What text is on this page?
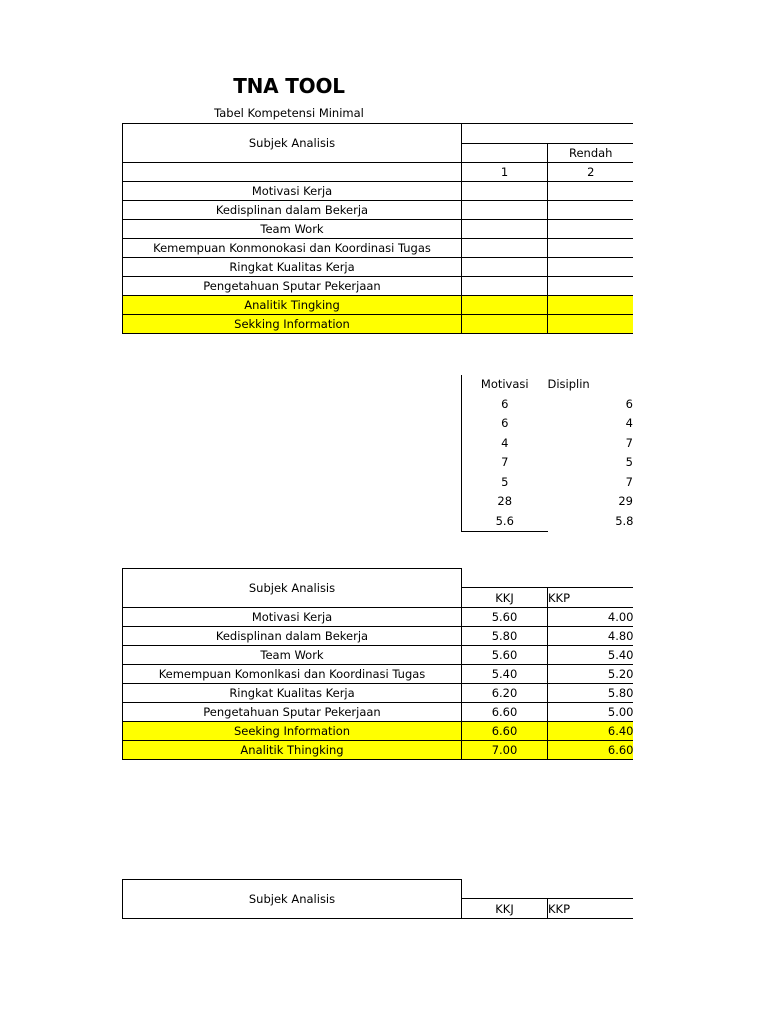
TNA TOOL
Tabel Kompetensi Minimal
Subjek Analisis		
		Rendah
	1	2
Motivasi Kerja		
Kedisplinan dalam Bekerja		
Team Work		
Kemempuan Konmonokasi dan Koordinasi Tugas		
Ringkat Kualitas Kerja		
Pengetahuan Sputar Pekerjaan		
Analitik Tingking		
Sekking Information		
Motivasi	Disiplin
6	6
6	4
4	7
7	5
5	7
28	29
5.6	5.8
Subjek Analisis		
	KKJ	KKP
Motivasi Kerja	5.60	4.00
Kedisplinan dalam Bekerja	5.80	4.80
Team Work	5.60	5.40
Kemempuan Komonlkasi dan Koordinasi Tugas	5.40	5.20
Ringkat Kualitas Kerja	6.20	5.80
Pengetahuan Sputar Pekerjaan	6.60	5.00
Seeking Information	6.60	6.40
Analitik Thingking	7.00	6.60
Subjek Analisis		
	KKJ	KKP
